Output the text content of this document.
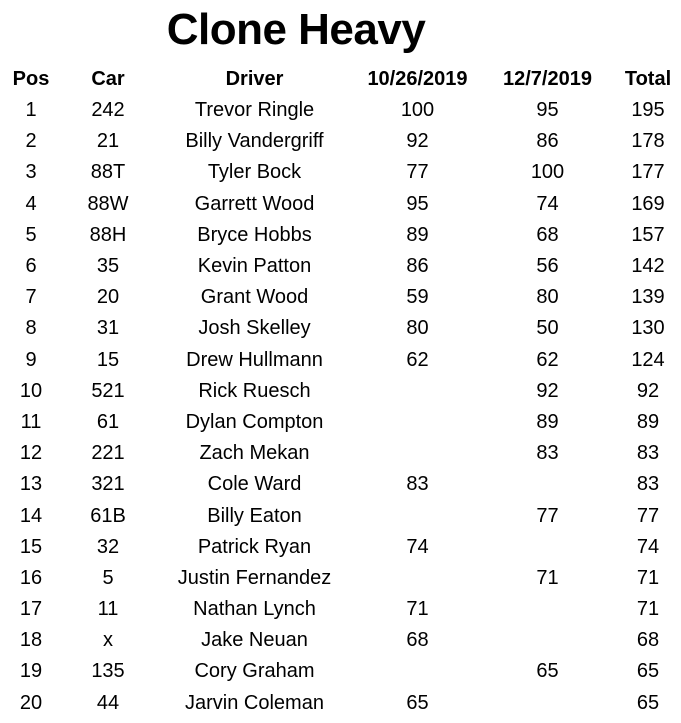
Clone Heavy
Pos	Car	Driver	10/26/2019	12/7/2019	Total
1	242	Trevor Ringle	100	95	195
2	21	Billy Vandergriff	92	86	178
3	88T	Tyler Bock	77	100	177
4	88W	Garrett Wood	95	74	169
5	88H	Bryce Hobbs	89	68	157
6	35	Kevin Patton	86	56	142
7	20	Grant Wood	59	80	139
8	31	Josh Skelley	80	50	130
9	15	Drew Hullmann	62	62	124
10	521	Rick Ruesch		92	92
11	61	Dylan Compton		89	89
12	221	Zach Mekan		83	83
13	321	Cole Ward	83		83
14	61B	Billy Eaton		77	77
15	32	Patrick Ryan	74		74
16	5	Justin Fernandez		71	71
17	11	Nathan Lynch	71		71
18	x	Jake Neuan	68		68
19	135	Cory Graham		65	65
20	44	Jarvin Coleman	65		65
